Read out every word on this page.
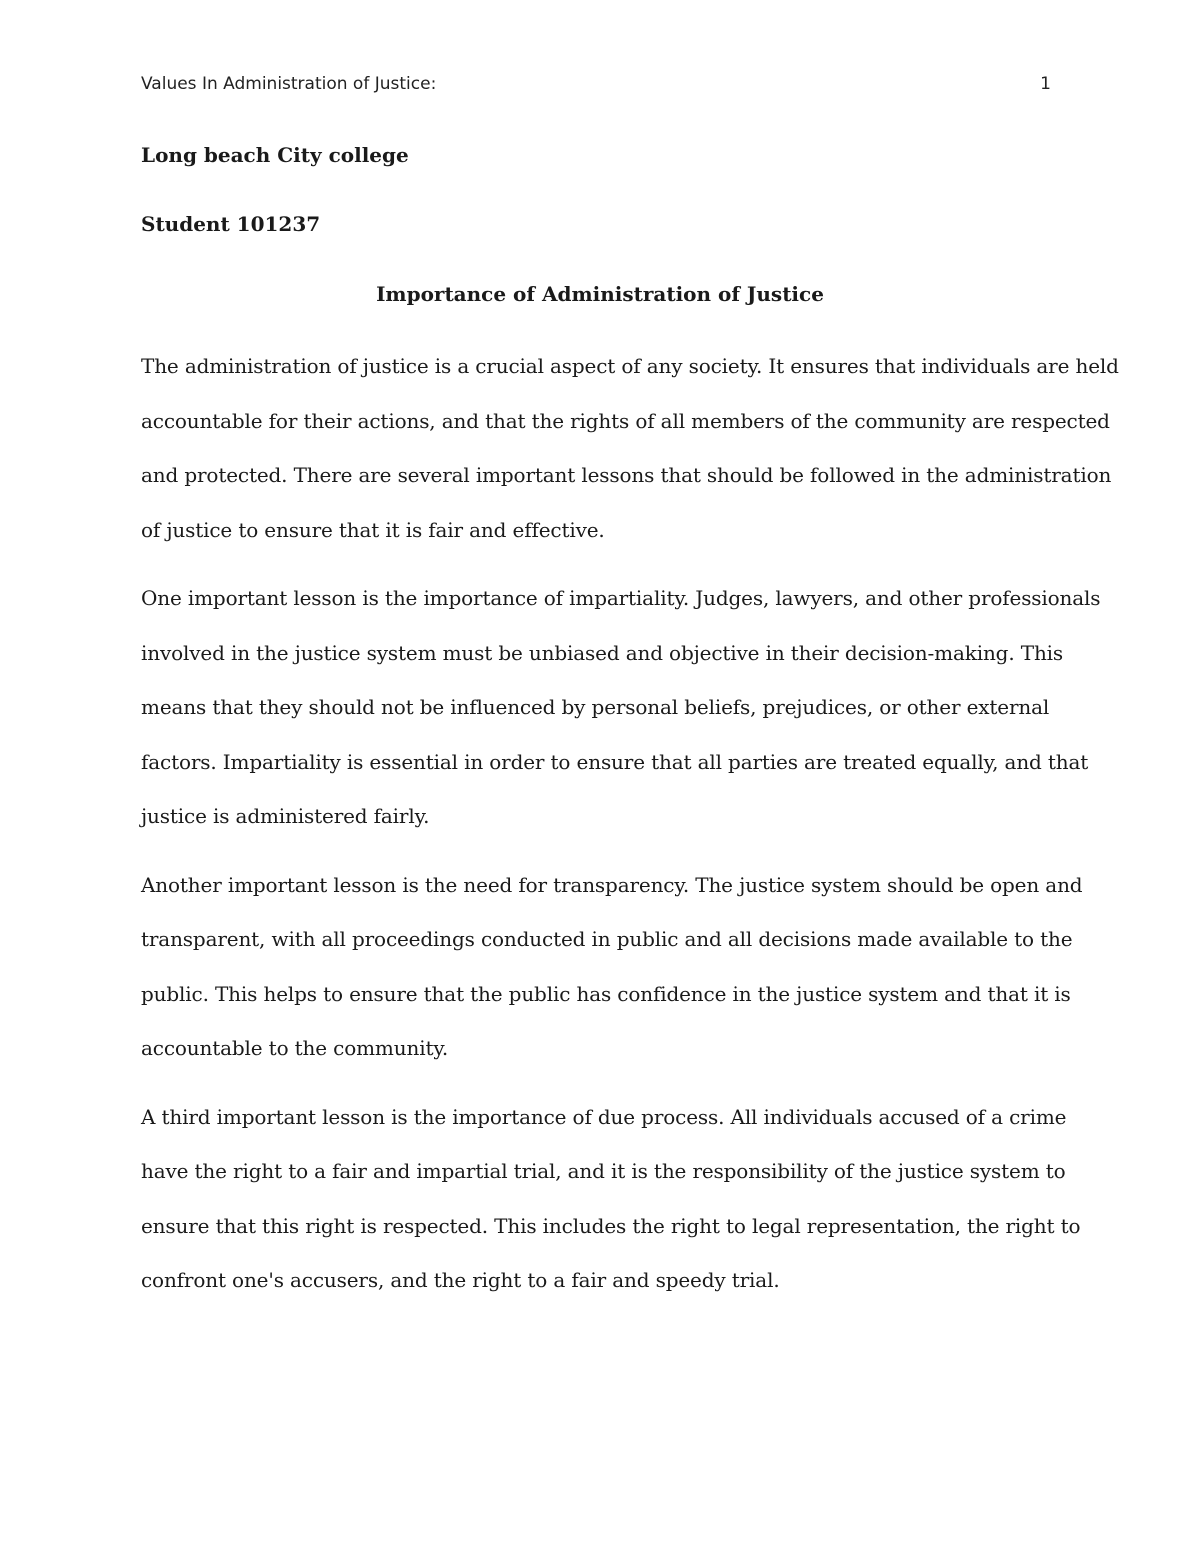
Values In Administration of Justice:	1
Long beach City college
Student 101237
Importance of Administration of Justice
The administration of justice is a crucial aspect of any society. It ensures that individuals are held
accountable for their actions, and that the rights of all members of the community are respected
and protected. There are several important lessons that should be followed in the administration
of justice to ensure that it is fair and effective.
One important lesson is the importance of impartiality. Judges, lawyers, and other professionals
involved in the justice system must be unbiased and objective in their decision-making. This
means that they should not be influenced by personal beliefs, prejudices, or other external
factors. Impartiality is essential in order to ensure that all parties are treated equally, and that
justice is administered fairly.
Another important lesson is the need for transparency. The justice system should be open and
transparent, with all proceedings conducted in public and all decisions made available to the
public. This helps to ensure that the public has confidence in the justice system and that it is
accountable to the community.
A third important lesson is the importance of due process. All individuals accused of a crime
have the right to a fair and impartial trial, and it is the responsibility of the justice system to
ensure that this right is respected. This includes the right to legal representation, the right to
confront one's accusers, and the right to a fair and speedy trial.
